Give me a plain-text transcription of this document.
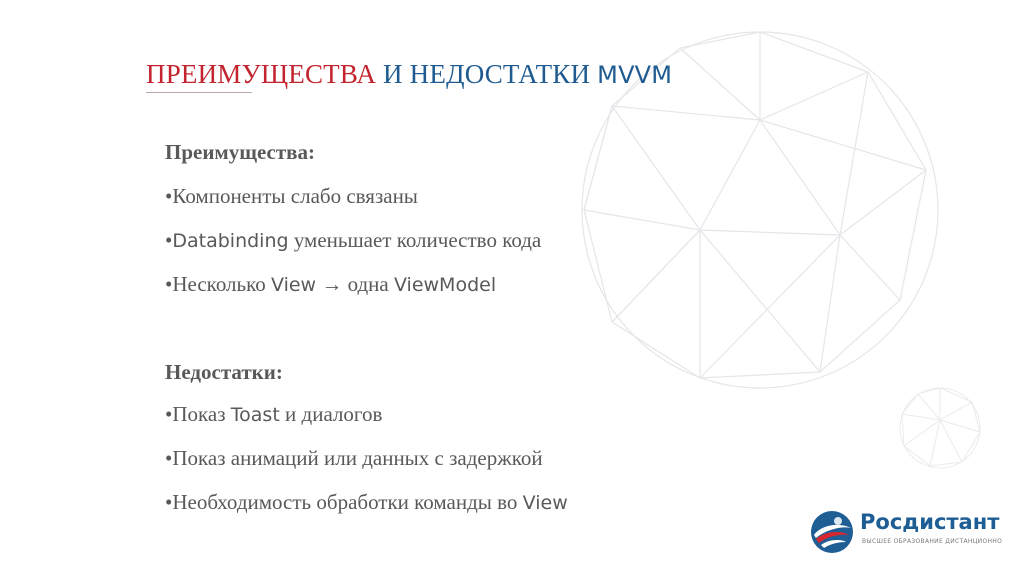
ПРЕИМУЩЕСТВА И НЕДОСТАТКИ MVVM
Преимущества:
•Компоненты слабо связаны
•Databinding уменьшает количество кода
•Несколько View → одна ViewModel
Недостатки:
•Показ Toast и диалогов
•Показ анимаций или данных с задержкой
•Необходимость обработки команды во View
Росдистант
ВЫСШЕЕ ОБРАЗОВАНИЕ ДИСТАНЦИОННО
